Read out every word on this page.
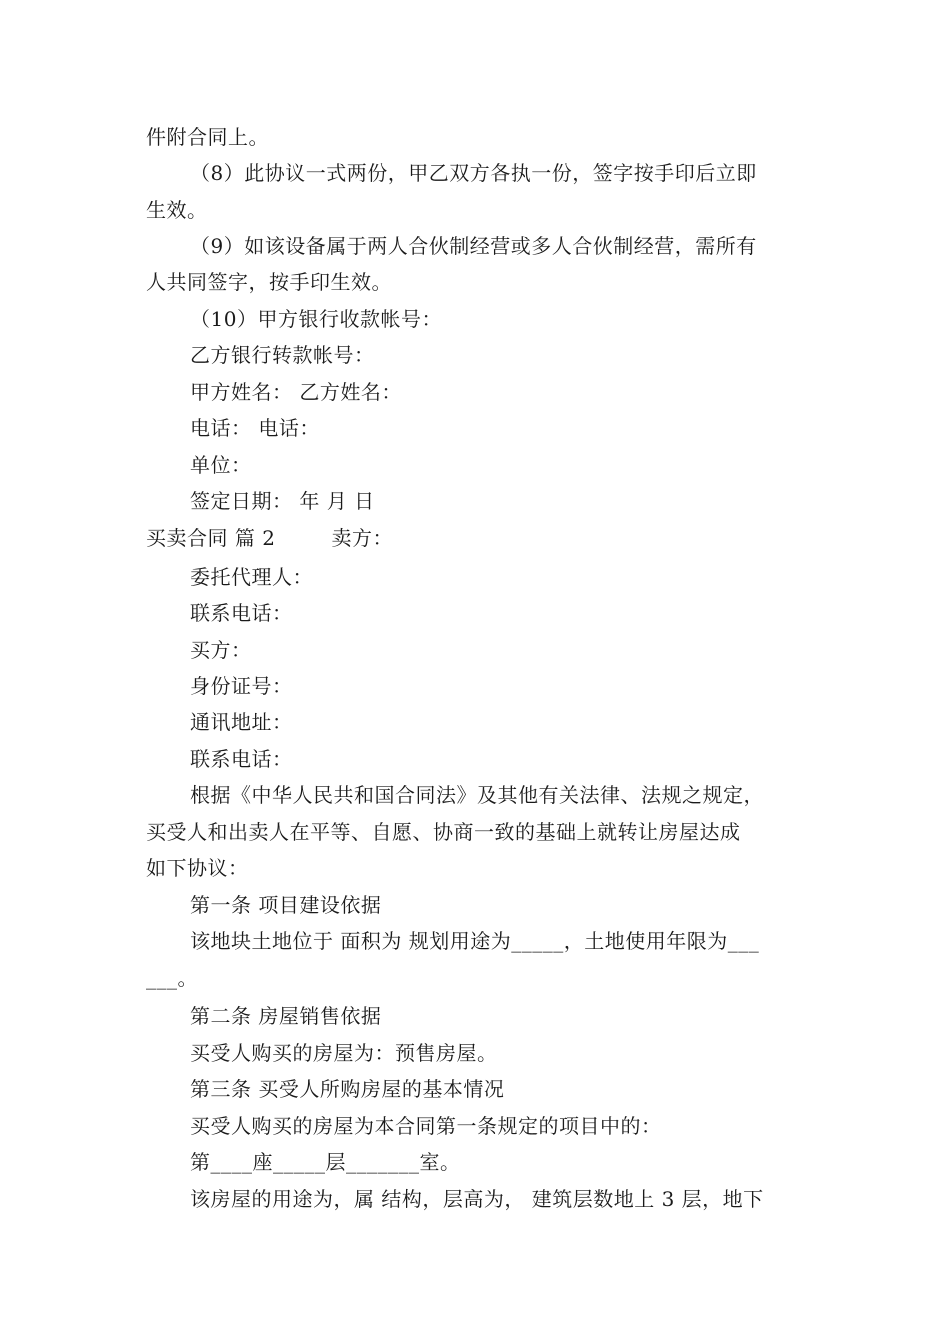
件附合同上。
（8）此协议一式两份，甲乙双方各执一份，签字按手印后立即
生效。
（9）如该设备属于两人合伙制经营或多人合伙制经营，需所有
人共同签字，按手印生效。
（10）甲方银行收款帐号：
乙方银行转款帐号：
甲方姓名： 乙方姓名：
电话： 电话：
单位：
签定日期： 年 月 日
买卖合同 篇 2	卖方：
委托代理人：
联系电话：
买方：
身份证号：
通讯地址：
联系电话：
根据《中华人民共和国合同法》及其他有关法律、法规之规定，
买受人和出卖人在平等、自愿、协商一致的基础上就转让房屋达成
如下协议：
第一条 项目建设依据
该地块土地位于 面积为 规划用途为_____，土地使用年限为___
___。
第二条 房屋销售依据
买受人购买的房屋为：预售房屋。
第三条 买受人所购房屋的基本情况
买受人购买的房屋为本合同第一条规定的项目中的：
第____座_____层_______室。
该房屋的用途为，属 结构，层高为， 建筑层数地上 3 层，地下
